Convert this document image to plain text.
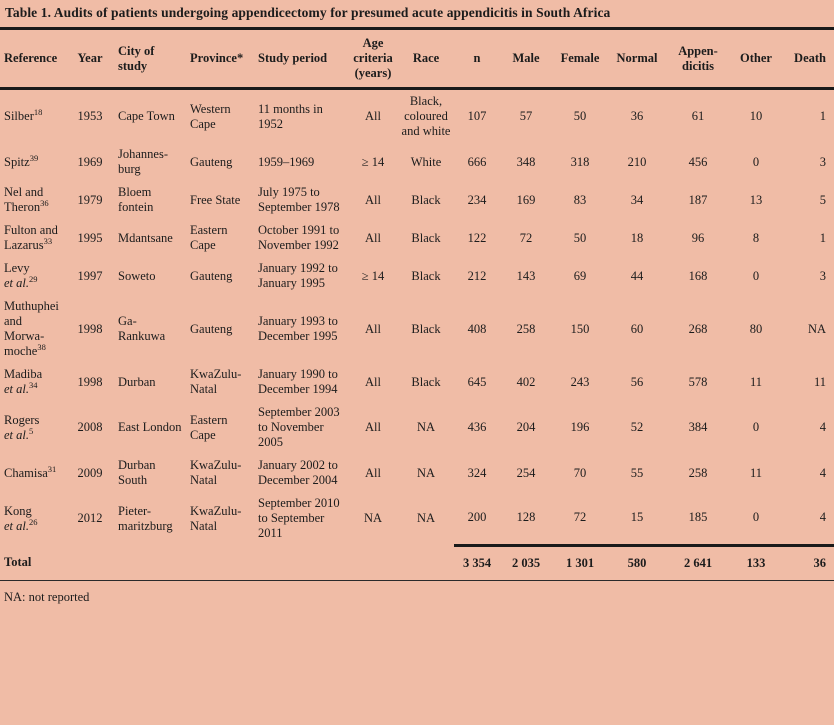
Table 1. Audits of patients undergoing appendicectomy for presumed acute appendicitis in South Africa
Reference	Year	City of study	Province*	Study period	Age criteria (years)	Race	n	Male	Female	Normal	Appen-dicitis	Other	Death
Silber$^{18}$	1953	Cape Town	Western Cape	11 months in 1952	All	Black, coloured and white	107	57	50	36	61	10	1
Spitz$^{39}$	1969	Johannes-burg	Gauteng	1959–1969	≥ 14	White	666	348	318	210	456	0	3
Nel and Theron$^{36}$	1979	Bloem fontein	Free State	July 1975 to September 1978	All	Black	234	169	83	34	187	13	5
Fulton and Lazarus$^{33}$	1995	Mdantsane	Eastern Cape	October 1991 to November 1992	All	Black	122	72	50	18	96	8	1
Levyet al.$^{29}$	1997	Soweto	Gauteng	January 1992 to January 1995	≥ 14	Black	212	143	69	44	168	0	3
Muthuphei and Morwa-moche$^{38}$	1998	Ga-Rankuwa	Gauteng	January 1993 to December 1995	All	Black	408	258	150	60	268	80	NA
Madibaet al.$^{34}$	1998	Durban	KwaZulu-Natal	January 1990 to December 1994	All	Black	645	402	243	56	578	11	11
Rogerset al.$^5$	2008	East London	Eastern Cape	September 2003 to November 2005	All	NA	436	204	196	52	384	0	4
Chamisa$^{31}$	2009	Durban South	KwaZulu-Natal	January 2002 to December 2004	All	NA	324	254	70	55	258	11	4
Konget al.$^{26}$	2012	Pieter-maritzburg	KwaZulu-Natal	September 2010 to September 2011	NA	NA	200	128	72	15	185	0	4
Total							3 354	2 035	1 301	580	2 641	133	36
NA: not reported													
